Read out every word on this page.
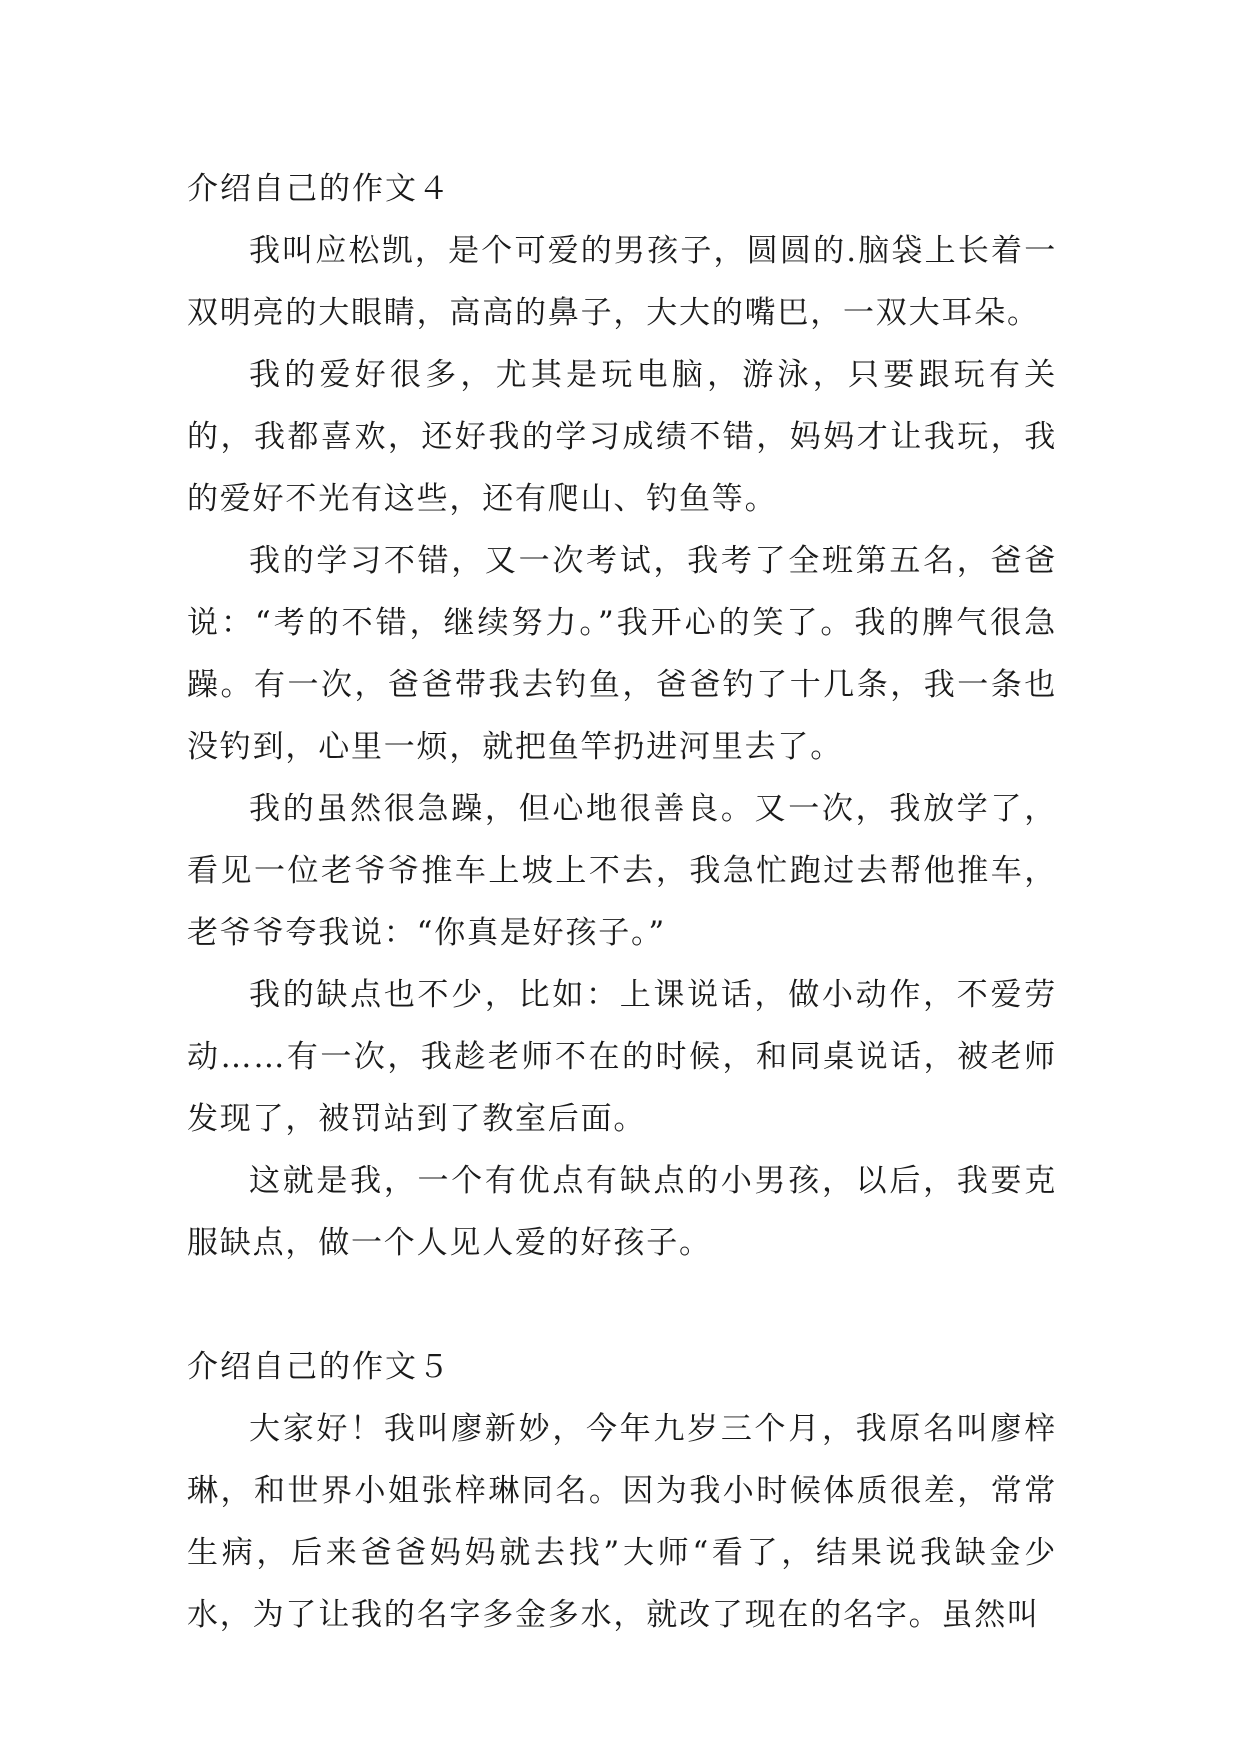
介绍自己的作文４

我叫应松凯，是个可爱的男孩子，圆圆的.脑袋上长着一双明亮的大眼睛，高高的鼻子，大大的嘴巴，一双大耳朵。

我的爱好很多，尤其是玩电脑，游泳，只要跟玩有关的，我都喜欢，还好我的学习成绩不错，妈妈才让我玩，我的爱好不光有这些，还有爬山、钓鱼等。

我的学习不错，又一次考试，我考了全班第五名，爸爸说：“考的不错，继续努力。”我开心的笑了。我的脾气很急躁。有一次，爸爸带我去钓鱼，爸爸钓了十几条，我一条也没钓到，心里一烦，就把鱼竿扔进河里去了。

我的虽然很急躁，但心地很善良。又一次，我放学了，看见一位老爷爷推车上坡上不去，我急忙跑过去帮他推车，老爷爷夸我说：“你真是好孩子。”

我的缺点也不少，比如：上课说话，做小动作，不爱劳动……有一次，我趁老师不在的时候，和同桌说话，被老师发现了，被罚站到了教室后面。

这就是我，一个有优点有缺点的小男孩，以后，我要克服缺点，做一个人见人爱的好孩子。

介绍自己的作文５

大家好！我叫廖新妙，今年九岁三个月，我原名叫廖梓琳，和世界小姐张梓琳同名。因为我小时候体质很差，常常生病，后来爸爸妈妈就去找”大师“看了，结果说我缺金少水，为了让我的名字多金多水，就改了现在的名字。虽然叫
